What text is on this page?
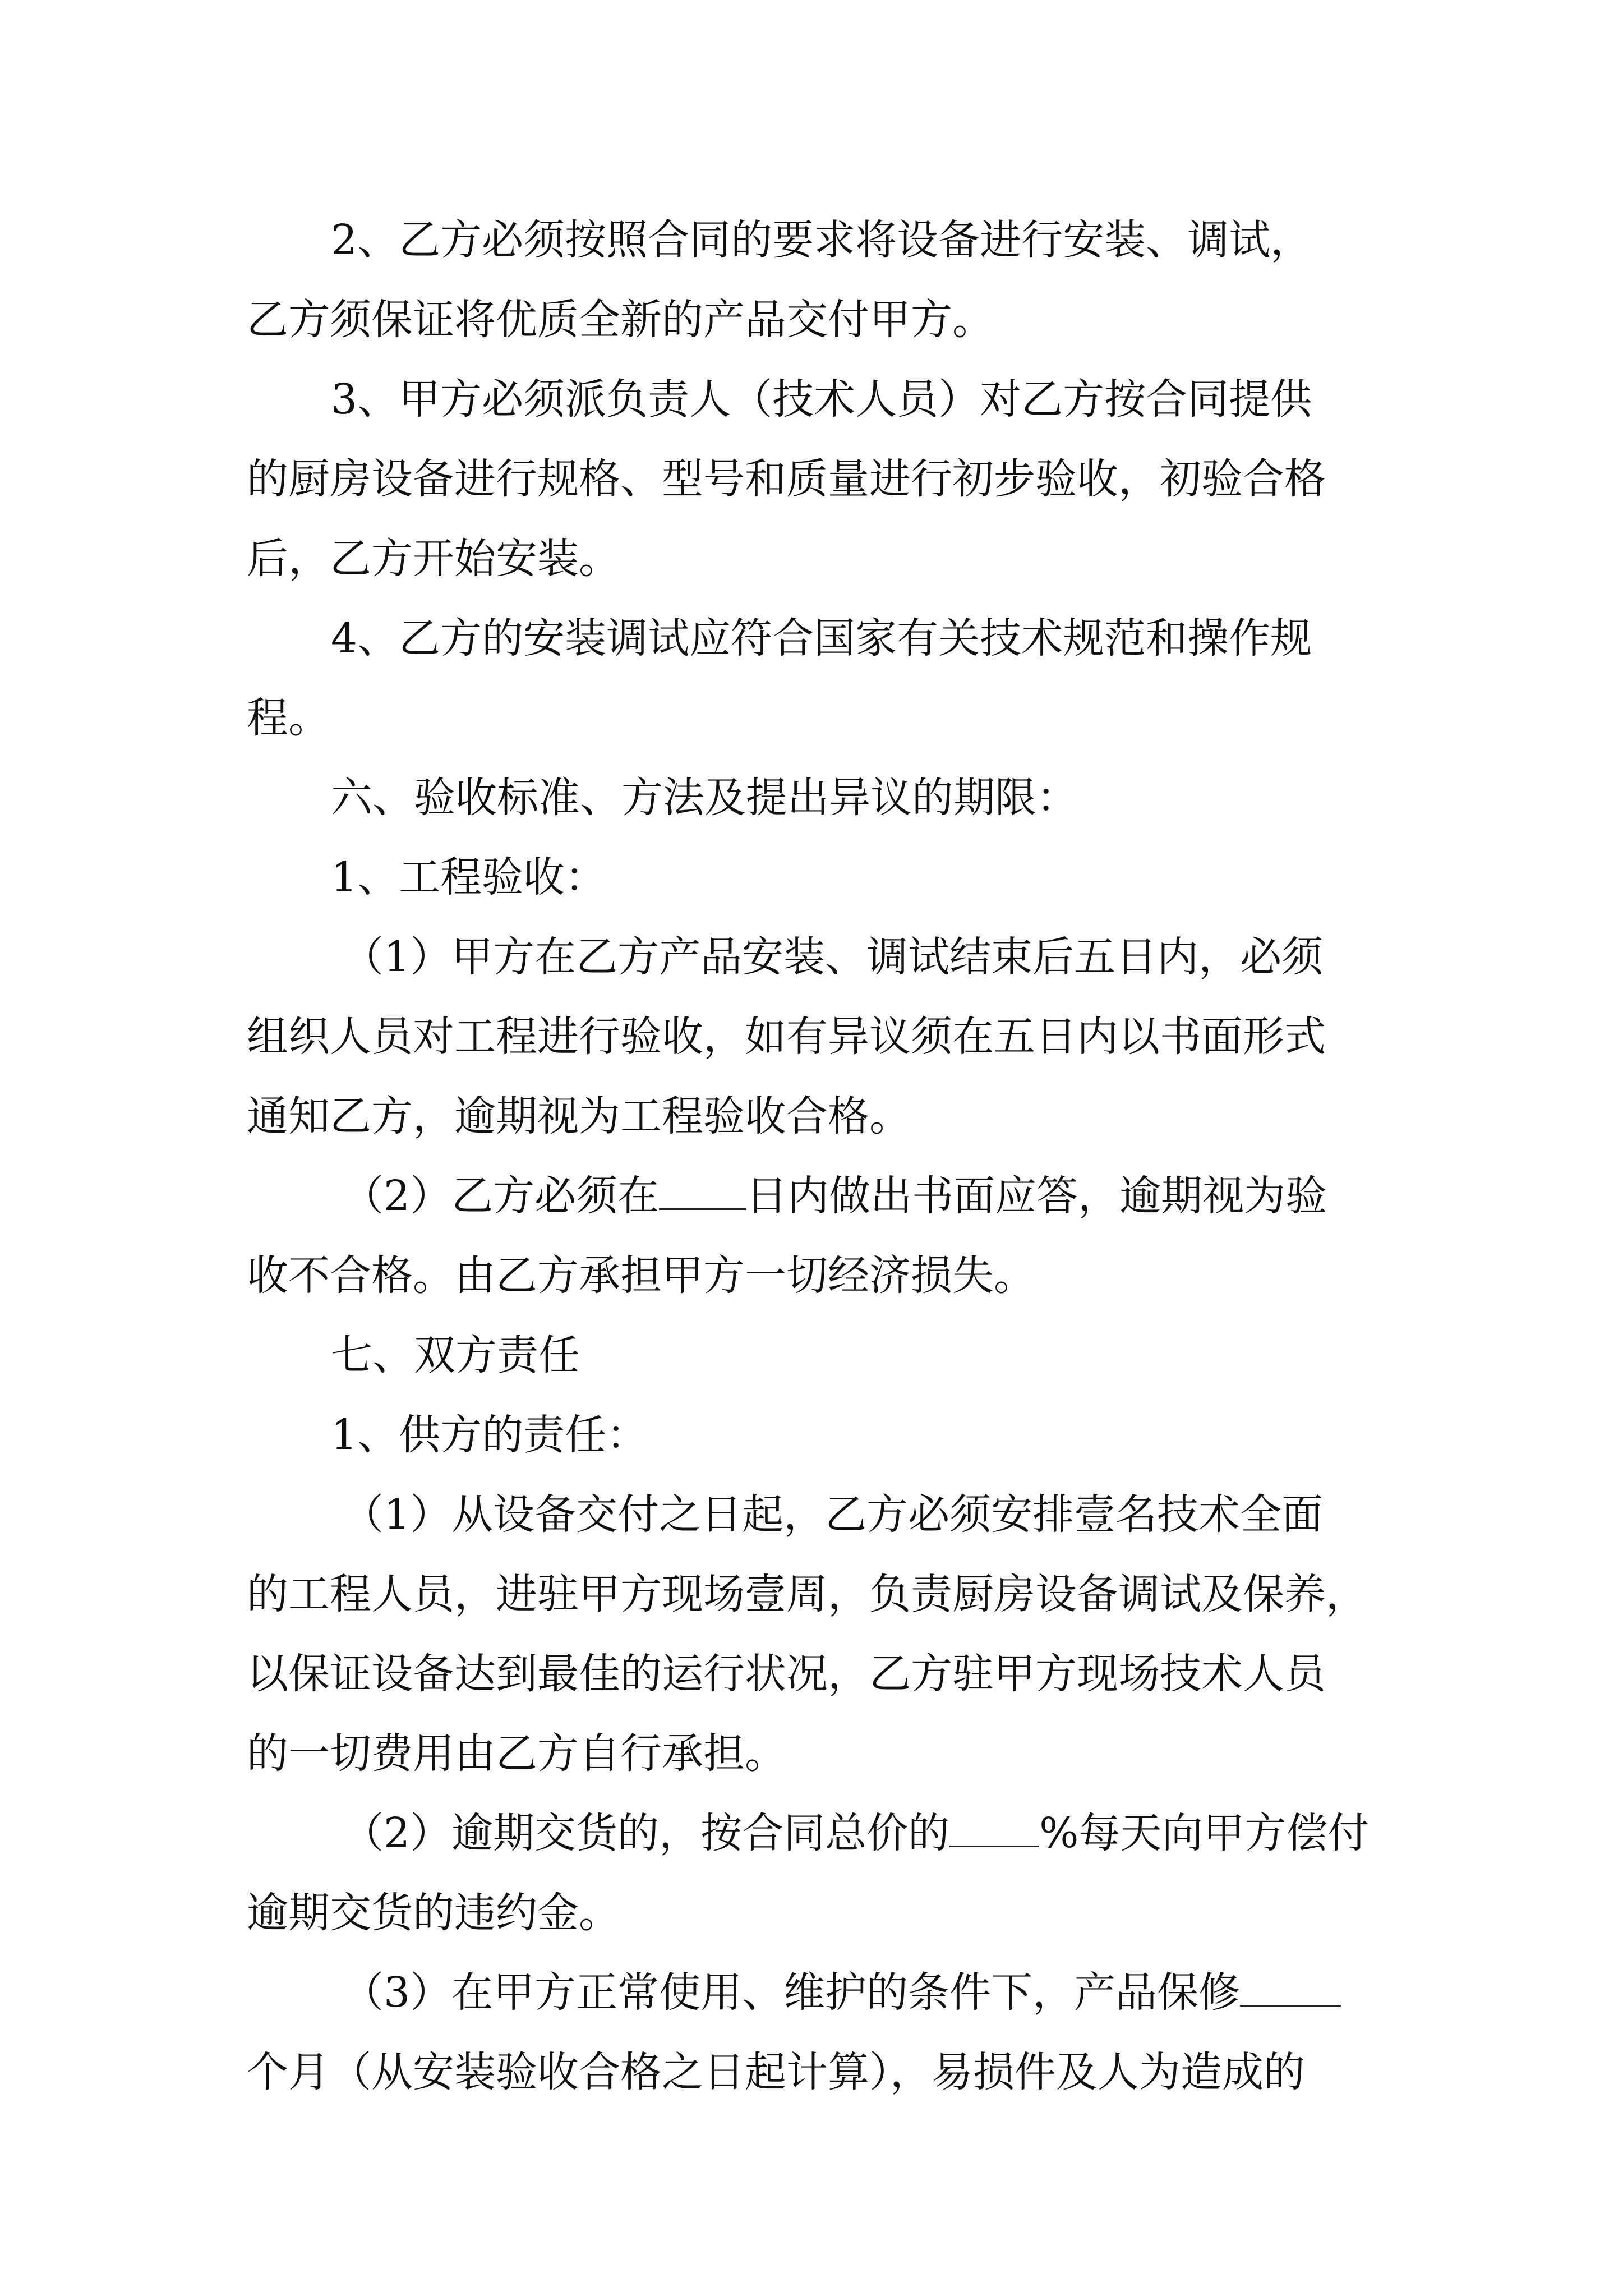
2、乙方必须按照合同的要求将设备进行安装、调试，
乙方须保证将优质全新的产品交付甲方。
3、甲方必须派负责人（技术人员）对乙方按合同提供
的厨房设备进行规格、型号和质量进行初步验收，初验合格
后，乙方开始安装。
4、乙方的安装调试应符合国家有关技术规范和操作规
程。
六、验收标准、方法及提出异议的期限：
1、工程验收：
（1）甲方在乙方产品安装、调试结束后五日内，必须
组织人员对工程进行验收，如有异议须在五日内以书面形式
通知乙方，逾期视为工程验收合格。
（2）乙方必须在 日内做出书面应答，逾期视为验
收不合格。由乙方承担甲方一切经济损失。
七、双方责任
1、供方的责任：
（1）从设备交付之日起，乙方必须安排壹名技术全面
的工程人员，进驻甲方现场壹周，负责厨房设备调试及保养，
以保证设备达到最佳的运行状况，乙方驻甲方现场技术人员
的一切费用由乙方自行承担。
（2）逾期交货的，按合同总价的 %每天向甲方偿付
逾期交货的违约金。
（3）在甲方正常使用、维护的条件下，产品保修
个月（从安装验收合格之日起计算），易损件及人为造成的
